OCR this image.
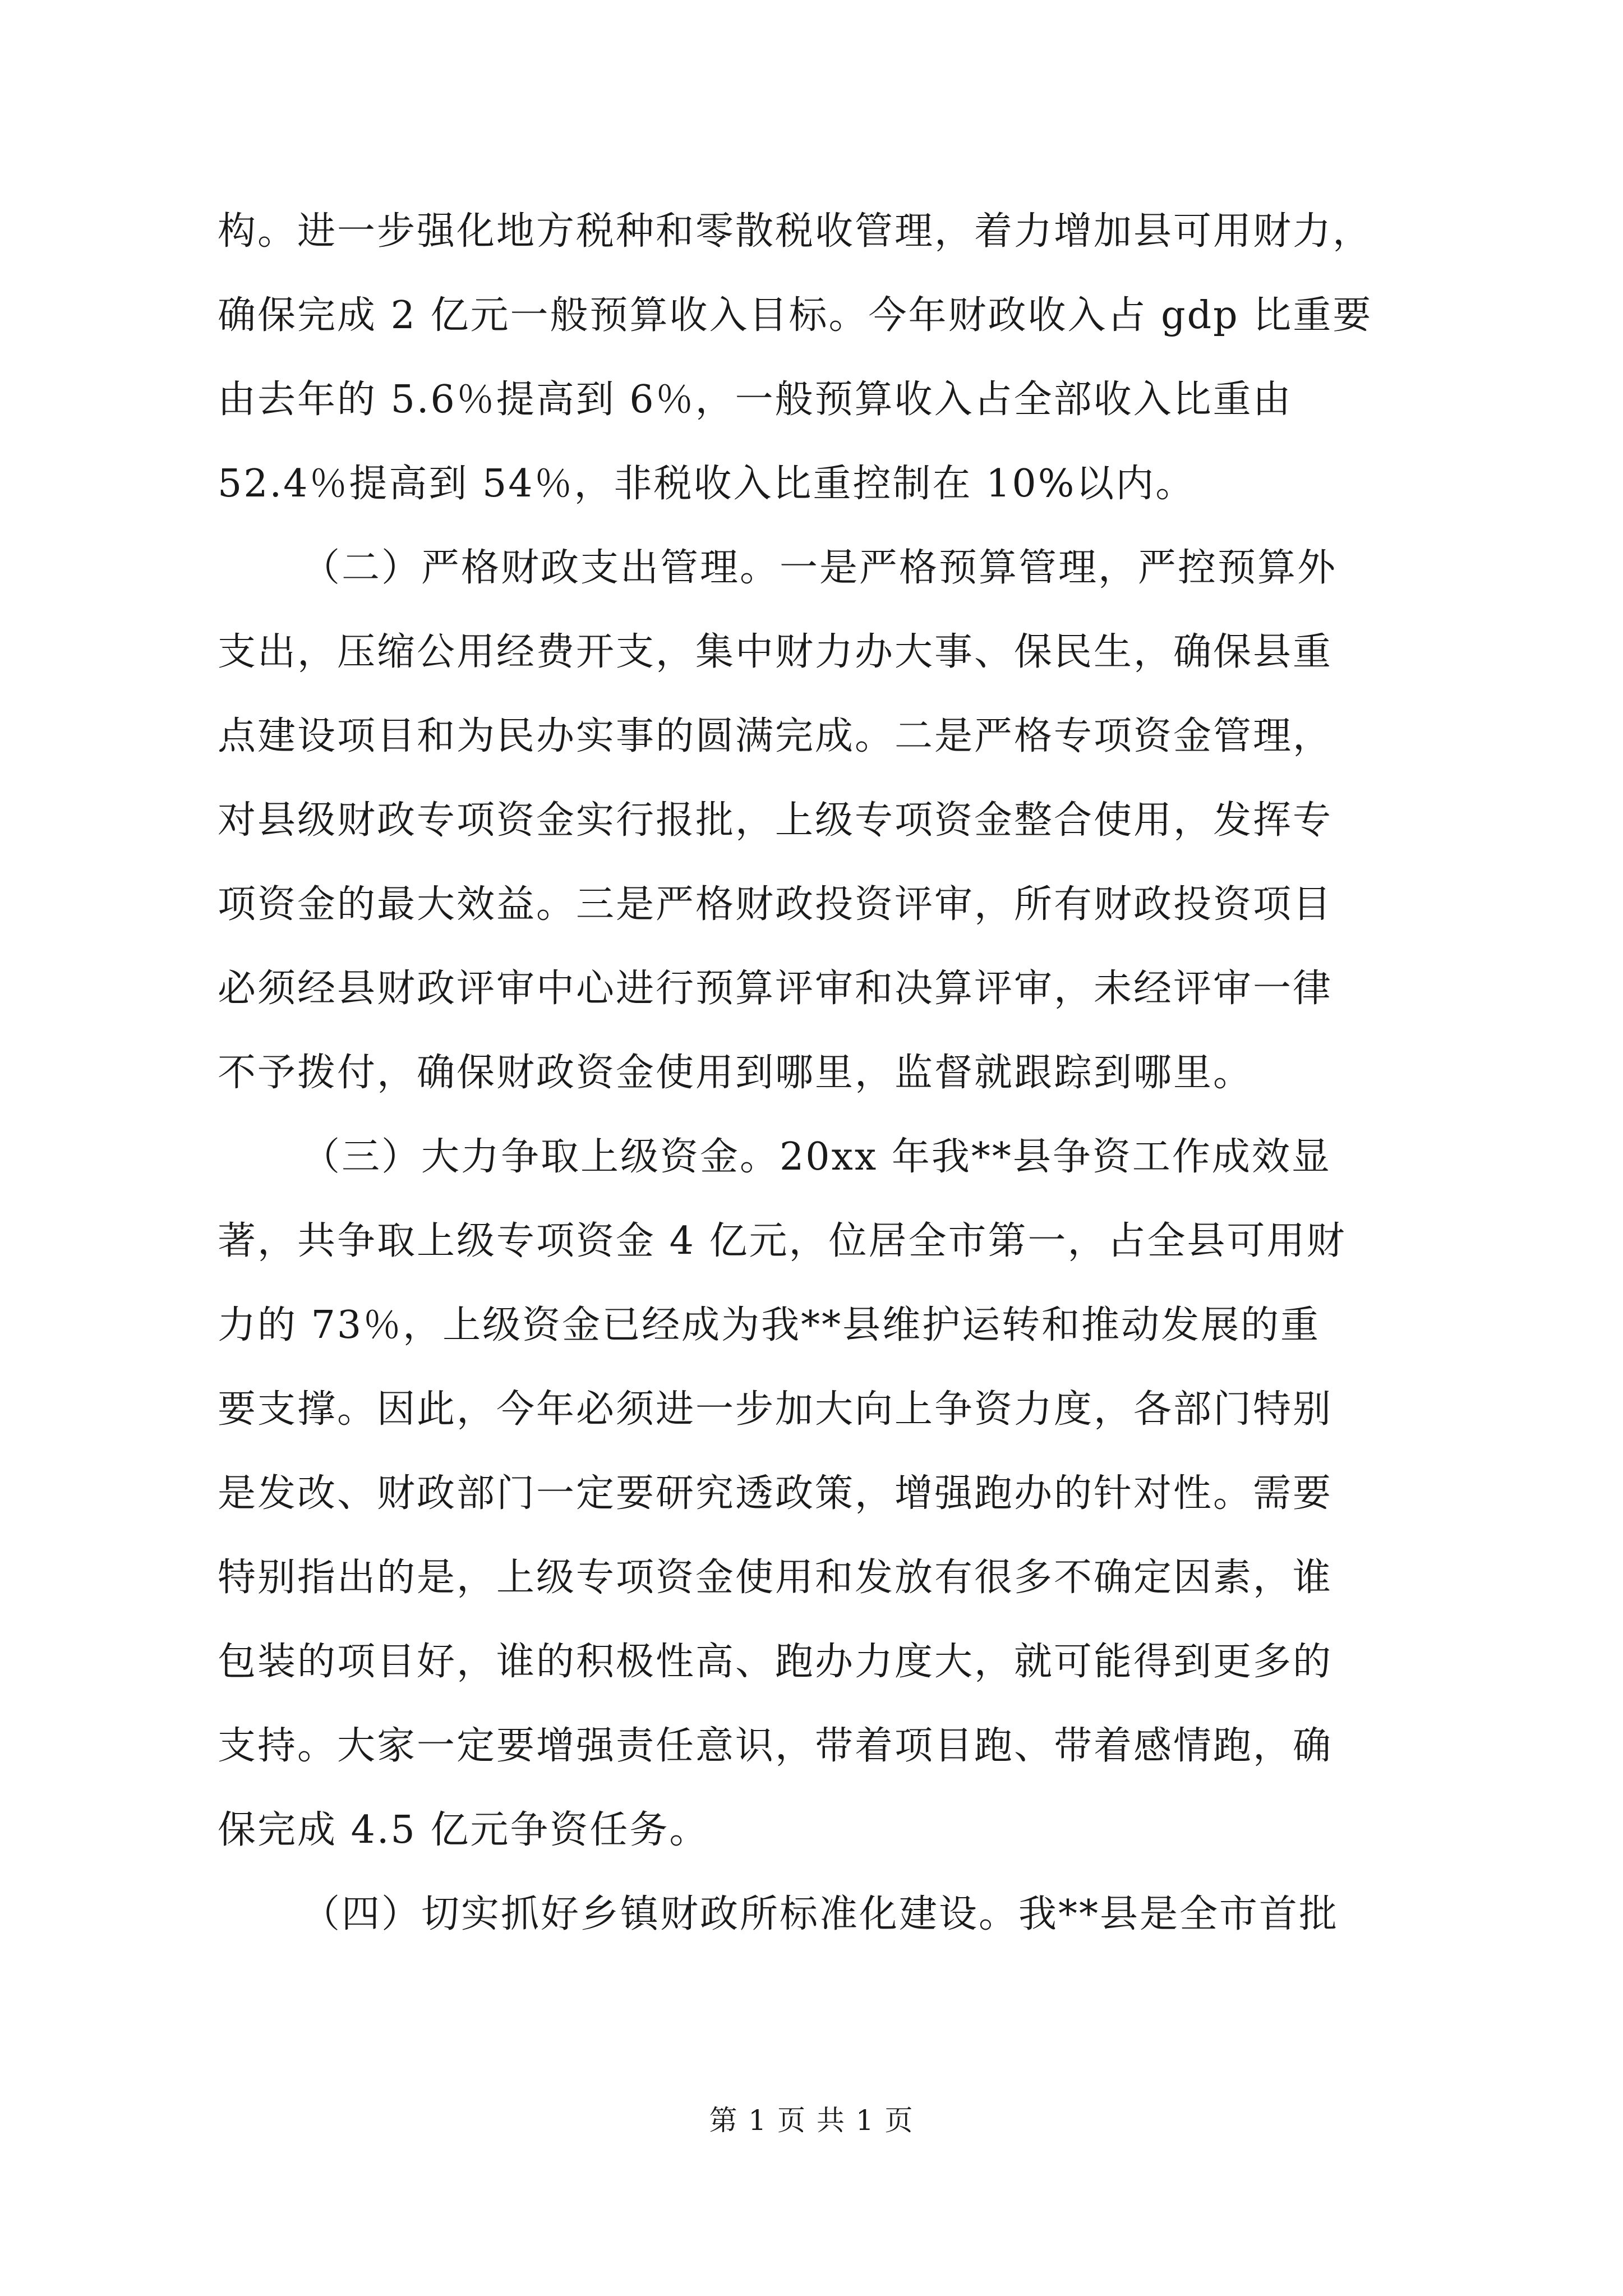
构。进一步强化地方税种和零散税收管理，着力增加县可用财力，
确保完成 2 亿元一般预算收入目标。今年财政收入占 gdp 比重要
由去年的 5.6％提高到 6％，一般预算收入占全部收入比重由
52.4％提高到 54％，非税收入比重控制在 10%以内。
（二）严格财政支出管理。一是严格预算管理，严控预算外
支出，压缩公用经费开支，集中财力办大事、保民生，确保县重
点建设项目和为民办实事的圆满完成。二是严格专项资金管理，
对县级财政专项资金实行报批，上级专项资金整合使用，发挥专
项资金的最大效益。三是严格财政投资评审，所有财政投资项目
必须经县财政评审中心进行预算评审和决算评审，未经评审一律
不予拨付，确保财政资金使用到哪里，监督就跟踪到哪里。
（三）大力争取上级资金。20xx 年我**县争资工作成效显
著，共争取上级专项资金 4 亿元，位居全市第一，占全县可用财
力的 73％，上级资金已经成为我**县维护运转和推动发展的重
要支撑。因此，今年必须进一步加大向上争资力度，各部门特别
是发改、财政部门一定要研究透政策，增强跑办的针对性。需要
特别指出的是，上级专项资金使用和发放有很多不确定因素，谁
包装的项目好，谁的积极性高、跑办力度大，就可能得到更多的
支持。大家一定要增强责任意识，带着项目跑、带着感情跑，确
保完成 4.5 亿元争资任务。
（四）切实抓好乡镇财政所标准化建设。我**县是全市首批
第 1 页 共 1 页
